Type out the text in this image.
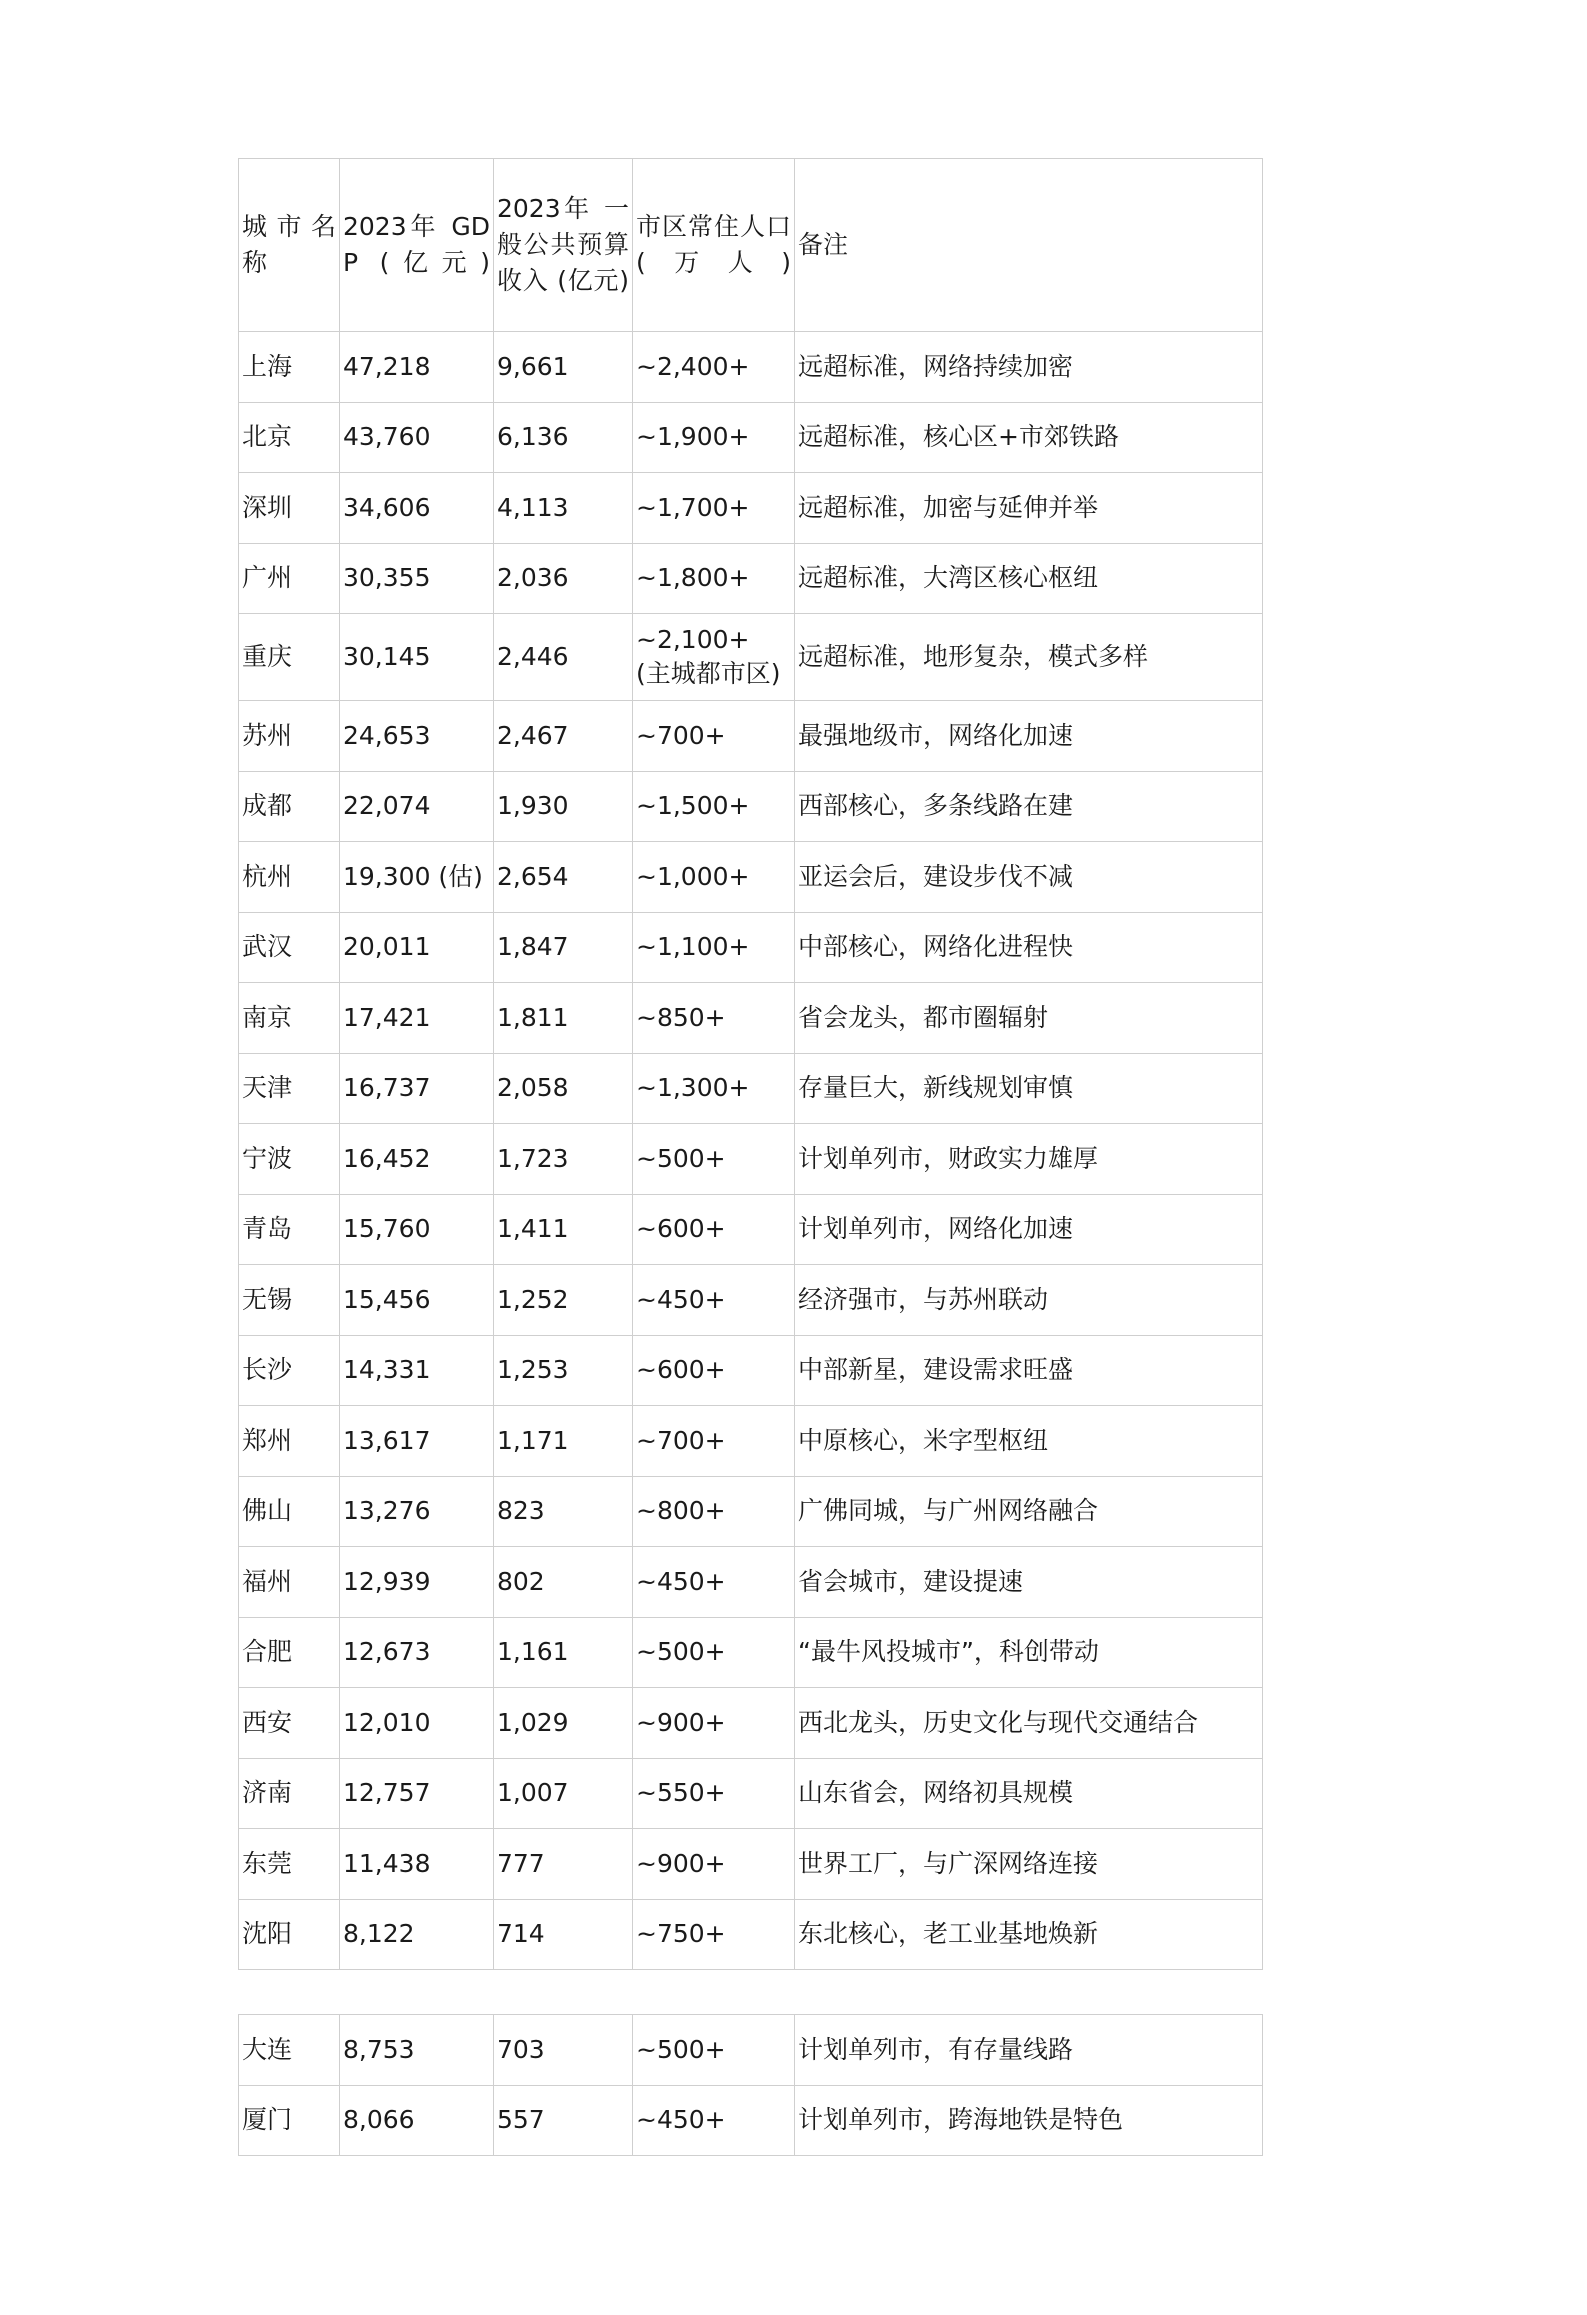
城市名称	2023年 GDP (亿元)	2023年 一般公共预算收入 (亿元)	市区常住人口 (万人)	备注
上海	47,218	9,661	~2,400+	远超标准，网络持续加密
北京	43,760	6,136	~1,900+	远超标准，核心区+市郊铁路
深圳	34,606	4,113	~1,700+	远超标准，加密与延伸并举
广州	30,355	2,036	~1,800+	远超标准，大湾区核心枢纽
重庆	30,145	2,446	~2,100+ (主城都市区)	远超标准，地形复杂，模式多样
苏州	24,653	2,467	~700+	最强地级市，网络化加速
成都	22,074	1,930	~1,500+	西部核心，多条线路在建
杭州	19,300 (估)	2,654	~1,000+	亚运会后，建设步伐不减
武汉	20,011	1,847	~1,100+	中部核心，网络化进程快
南京	17,421	1,811	~850+	省会龙头，都市圈辐射
天津	16,737	2,058	~1,300+	存量巨大，新线规划审慎
宁波	16,452	1,723	~500+	计划单列市，财政实力雄厚
青岛	15,760	1,411	~600+	计划单列市，网络化加速
无锡	15,456	1,252	~450+	经济强市，与苏州联动
长沙	14,331	1,253	~600+	中部新星，建设需求旺盛
郑州	13,617	1,171	~700+	中原核心，米字型枢纽
佛山	13,276	823	~800+	广佛同城，与广州网络融合
福州	12,939	802	~450+	省会城市，建设提速
合肥	12,673	1,161	~500+	“最牛风投城市”，科创带动
西安	12,010	1,029	~900+	西北龙头，历史文化与现代交通结合
济南	12,757	1,007	~550+	山东省会，网络初具规模
东莞	11,438	777	~900+	世界工厂，与广深网络连接
沈阳	8,122	714	~750+	东北核心，老工业基地焕新
大连	8,753	703	~500+	计划单列市，有存量线路
厦门	8,066	557	~450+	计划单列市，跨海地铁是特色
